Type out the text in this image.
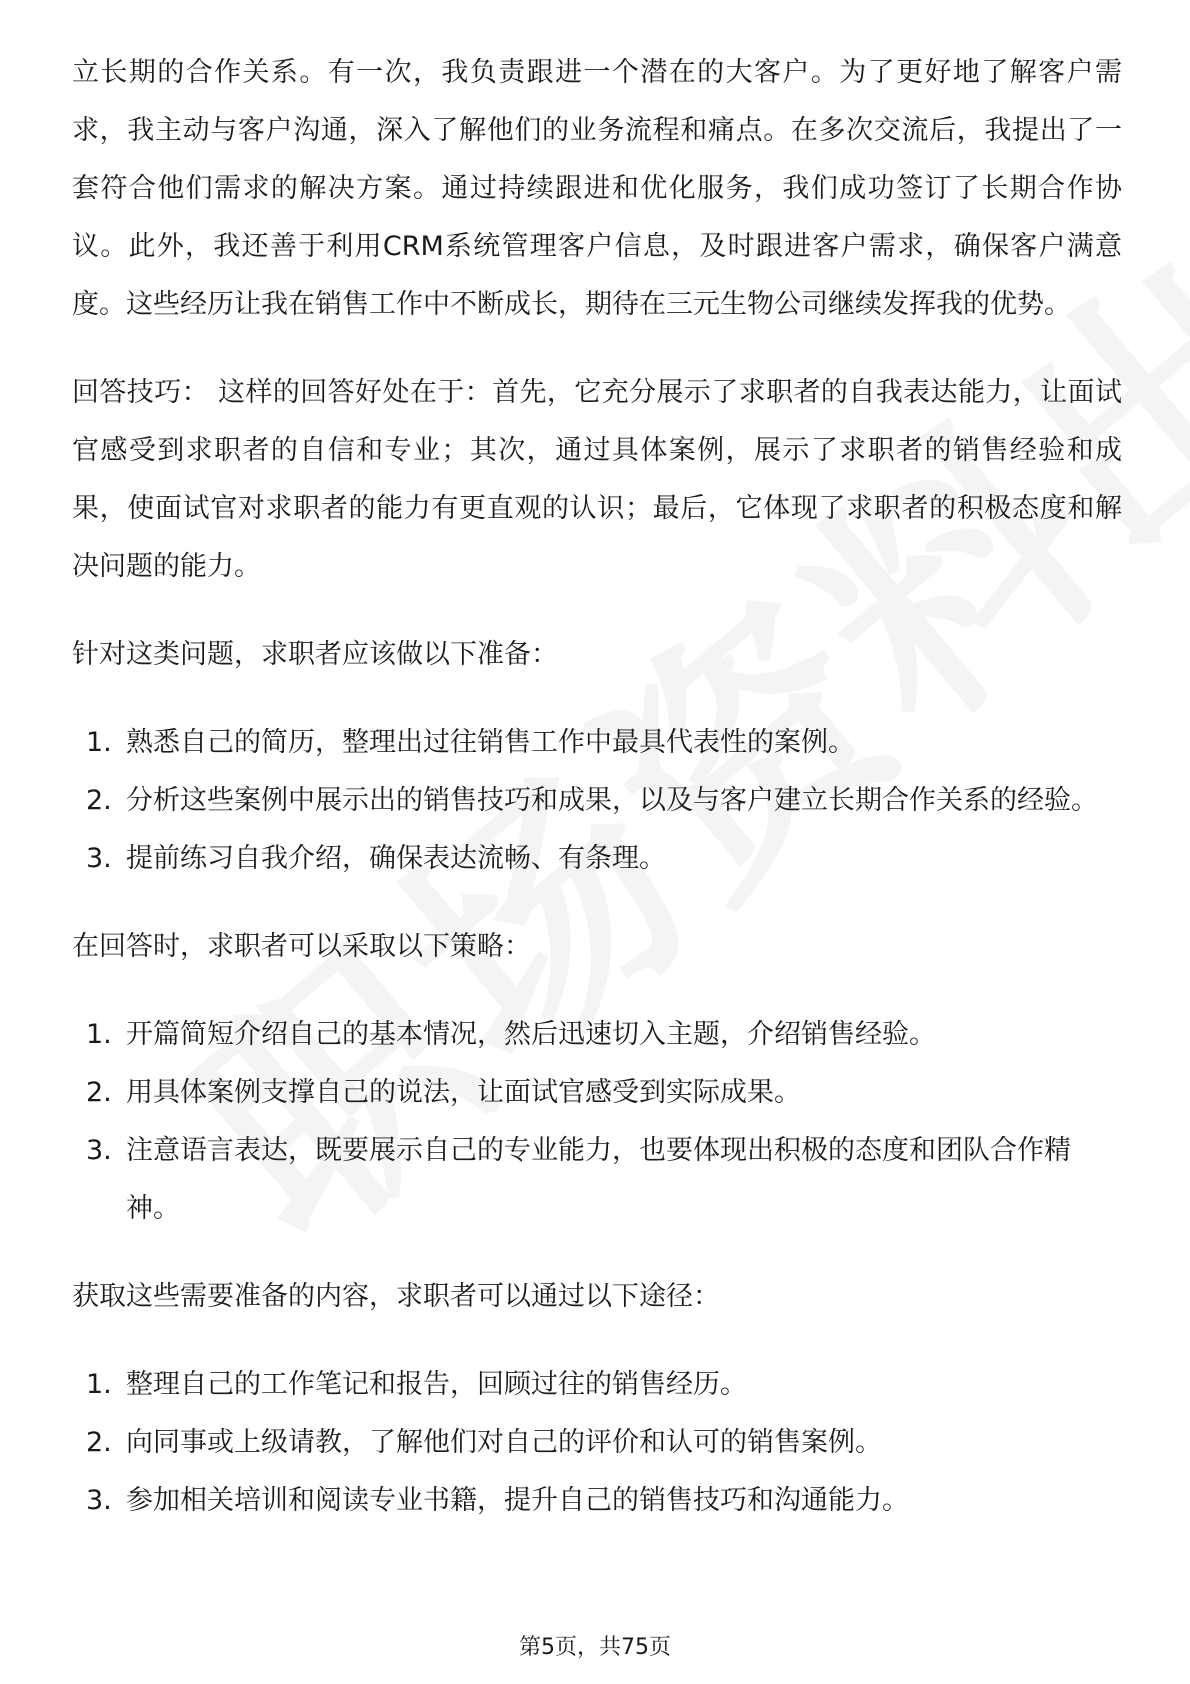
立长期的合作关系。有一次，我负责跟进一个潜在的大客户。为了更好地了解客户需求，我主动与客户沟通，深入了解他们的业务流程和痛点。在多次交流后，我提出了一套符合他们需求的解决方案。通过持续跟进和优化服务，我们成功签订了长期合作协议。此外，我还善于利用CRM系统管理客户信息，及时跟进客户需求，确保客户满意度。这些经历让我在销售工作中不断成长，期待在三元生物公司继续发挥我的优势。

回答技巧： 这样的回答好处在于：首先，它充分展示了求职者的自我表达能力，让面试官感受到求职者的自信和专业；其次，通过具体案例，展示了求职者的销售经验和成果，使面试官对求职者的能力有更直观的认识；最后，它体现了求职者的积极态度和解决问题的能力。

针对这类问题，求职者应该做以下准备：

1. 熟悉自己的简历，整理出过往销售工作中最具代表性的案例。
2. 分析这些案例中展示出的销售技巧和成果，以及与客户建立长期合作关系的经验。
3. 提前练习自我介绍，确保表达流畅、有条理。

在回答时，求职者可以采取以下策略：

1. 开篇简短介绍自己的基本情况，然后迅速切入主题，介绍销售经验。
2. 用具体案例支撑自己的说法，让面试官感受到实际成果。
3. 注意语言表达，既要展示自己的专业能力，也要体现出积极的态度和团队合作精神。

获取这些需要准备的内容，求职者可以通过以下途径：

1. 整理自己的工作笔记和报告，回顾过往的销售经历。
2. 向同事或上级请教，了解他们对自己的评价和认可的销售案例。
3. 参加相关培训和阅读专业书籍，提升自己的销售技巧和沟通能力。
第5页，共75页
